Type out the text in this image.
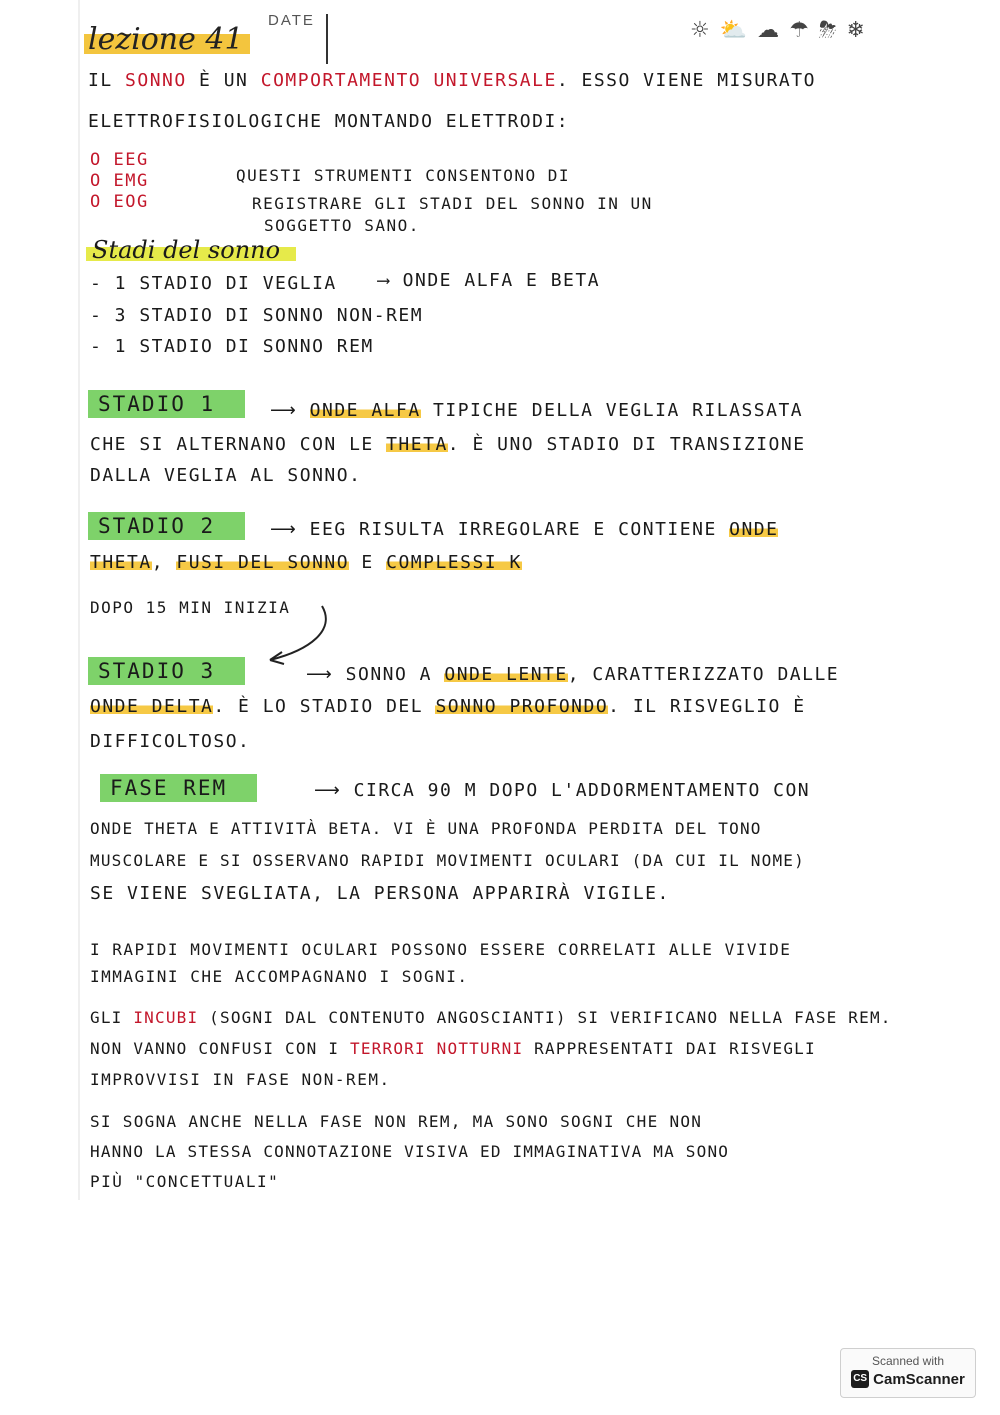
lezione 41
DATE	☼ ⛅ ☁ ☂ ⛈ ❄
IL SONNO È UN COMPORTAMENTO UNIVERSALE. ESSO VIENE MISURATO
ELETTROFISIOLOGICHE MONTANDO ELETTRODI:
O EEG
O EMG
O EOG
QUESTI STRUMENTI CONSENTONO DI
REGISTRARE GLI STADI DEL SONNO IN UN
SOGGETTO SANO.
Stadi del sonno
- 1 STADIO DI VEGLIA ⟶ ONDE ALFA E BETA
- 3 STADIO DI SONNO NON-REM
- 1 STADIO DI SONNO REM
STADIO 1	⟶ ONDE ALFA TIPICHE DELLA VEGLIA RILASSATA
CHE SI ALTERNANO CON LE THETA. È UNO STADIO DI TRANSIZIONE
DALLA VEGLIA AL SONNO.
STADIO 2	⟶ EEG RISULTA IRREGOLARE E CONTIENE ONDE
THETA, FUSI DEL SONNO E COMPLESSI K
DOPO 15 MIN INIZIA
STADIO 3	⟶ SONNO A ONDE LENTE, CARATTERIZZATO DALLE
ONDE DELTA. È LO STADIO DEL SONNO PROFONDO. IL RISVEGLIO È
DIFFICOLTOSO.
FASE REM	⟶ CIRCA 90 M DOPO L'ADDORMENTAMENTO CON
ONDE THETA E ATTIVITÀ BETA. VI È UNA PROFONDA PERDITA DEL TONO
MUSCOLARE E SI OSSERVANO RAPIDI MOVIMENTI OCULARI (DA CUI IL NOME)
SE VIENE SVEGLIATA, LA PERSONA APPARIRÀ VIGILE.
I RAPIDI MOVIMENTI OCULARI POSSONO ESSERE CORRELATI ALLE VIVIDE
IMMAGINI CHE ACCOMPAGNANO I SOGNI.
GLI INCUBI (SOGNI DAL CONTENUTO ANGOSCIANTI) SI VERIFICANO NELLA FASE REM.
NON VANNO CONFUSI CON I TERRORI NOTTURNI RAPPRESENTATI DAI RISVEGLI
IMPROVVISI IN FASE NON-REM.
SI SOGNA ANCHE NELLA FASE NON REM, MA SONO SOGNI CHE NON
HANNO LA STESSA CONNOTAZIONE VISIVA ED IMMAGINATIVA MA SONO
PIÙ "CONCETTUALI"
Scanned with
CS CamScanner
